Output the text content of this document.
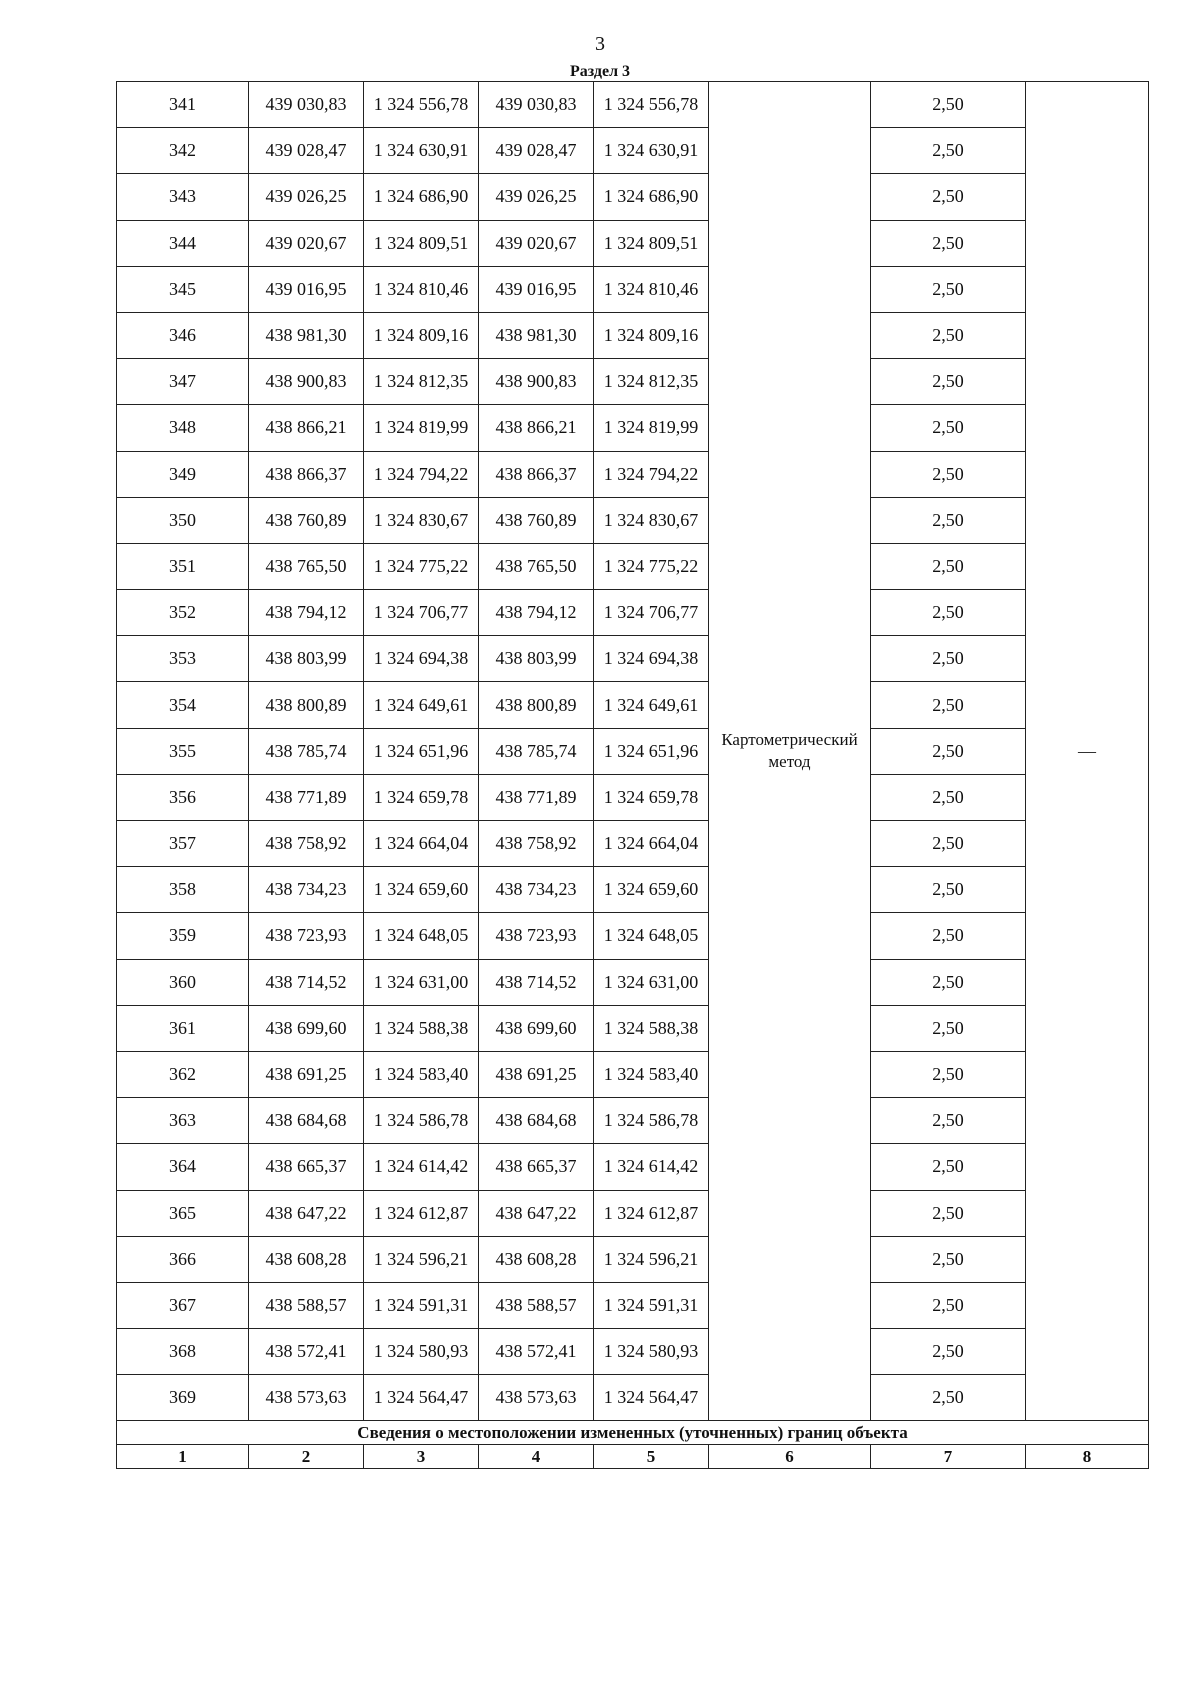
3
Раздел 3
341	439 030,83	1 324 556,78	439 030,83	1 324 556,78	Картометрический метод	2,50	—
342	439 028,47	1 324 630,91	439 028,47	1 324 630,91		2,50	
343	439 026,25	1 324 686,90	439 026,25	1 324 686,90		2,50	
344	439 020,67	1 324 809,51	439 020,67	1 324 809,51		2,50	
345	439 016,95	1 324 810,46	439 016,95	1 324 810,46		2,50	
346	438 981,30	1 324 809,16	438 981,30	1 324 809,16		2,50	
347	438 900,83	1 324 812,35	438 900,83	1 324 812,35		2,50	
348	438 866,21	1 324 819,99	438 866,21	1 324 819,99		2,50	
349	438 866,37	1 324 794,22	438 866,37	1 324 794,22		2,50	
350	438 760,89	1 324 830,67	438 760,89	1 324 830,67		2,50	
351	438 765,50	1 324 775,22	438 765,50	1 324 775,22		2,50	
352	438 794,12	1 324 706,77	438 794,12	1 324 706,77		2,50	
353	438 803,99	1 324 694,38	438 803,99	1 324 694,38		2,50	
354	438 800,89	1 324 649,61	438 800,89	1 324 649,61		2,50	
355	438 785,74	1 324 651,96	438 785,74	1 324 651,96		2,50	
356	438 771,89	1 324 659,78	438 771,89	1 324 659,78		2,50	
357	438 758,92	1 324 664,04	438 758,92	1 324 664,04		2,50	
358	438 734,23	1 324 659,60	438 734,23	1 324 659,60		2,50	
359	438 723,93	1 324 648,05	438 723,93	1 324 648,05		2,50	
360	438 714,52	1 324 631,00	438 714,52	1 324 631,00		2,50	
361	438 699,60	1 324 588,38	438 699,60	1 324 588,38		2,50	
362	438 691,25	1 324 583,40	438 691,25	1 324 583,40		2,50	
363	438 684,68	1 324 586,78	438 684,68	1 324 586,78		2,50	
364	438 665,37	1 324 614,42	438 665,37	1 324 614,42		2,50	
365	438 647,22	1 324 612,87	438 647,22	1 324 612,87		2,50	
366	438 608,28	1 324 596,21	438 608,28	1 324 596,21		2,50	
367	438 588,57	1 324 591,31	438 588,57	1 324 591,31		2,50	
368	438 572,41	1 324 580,93	438 572,41	1 324 580,93		2,50	
369	438 573,63	1 324 564,47	438 573,63	1 324 564,47		2,50	
Сведения о местоположении измененных (уточненных) границ объекта							
1	2	3	4	5	6	7	8
